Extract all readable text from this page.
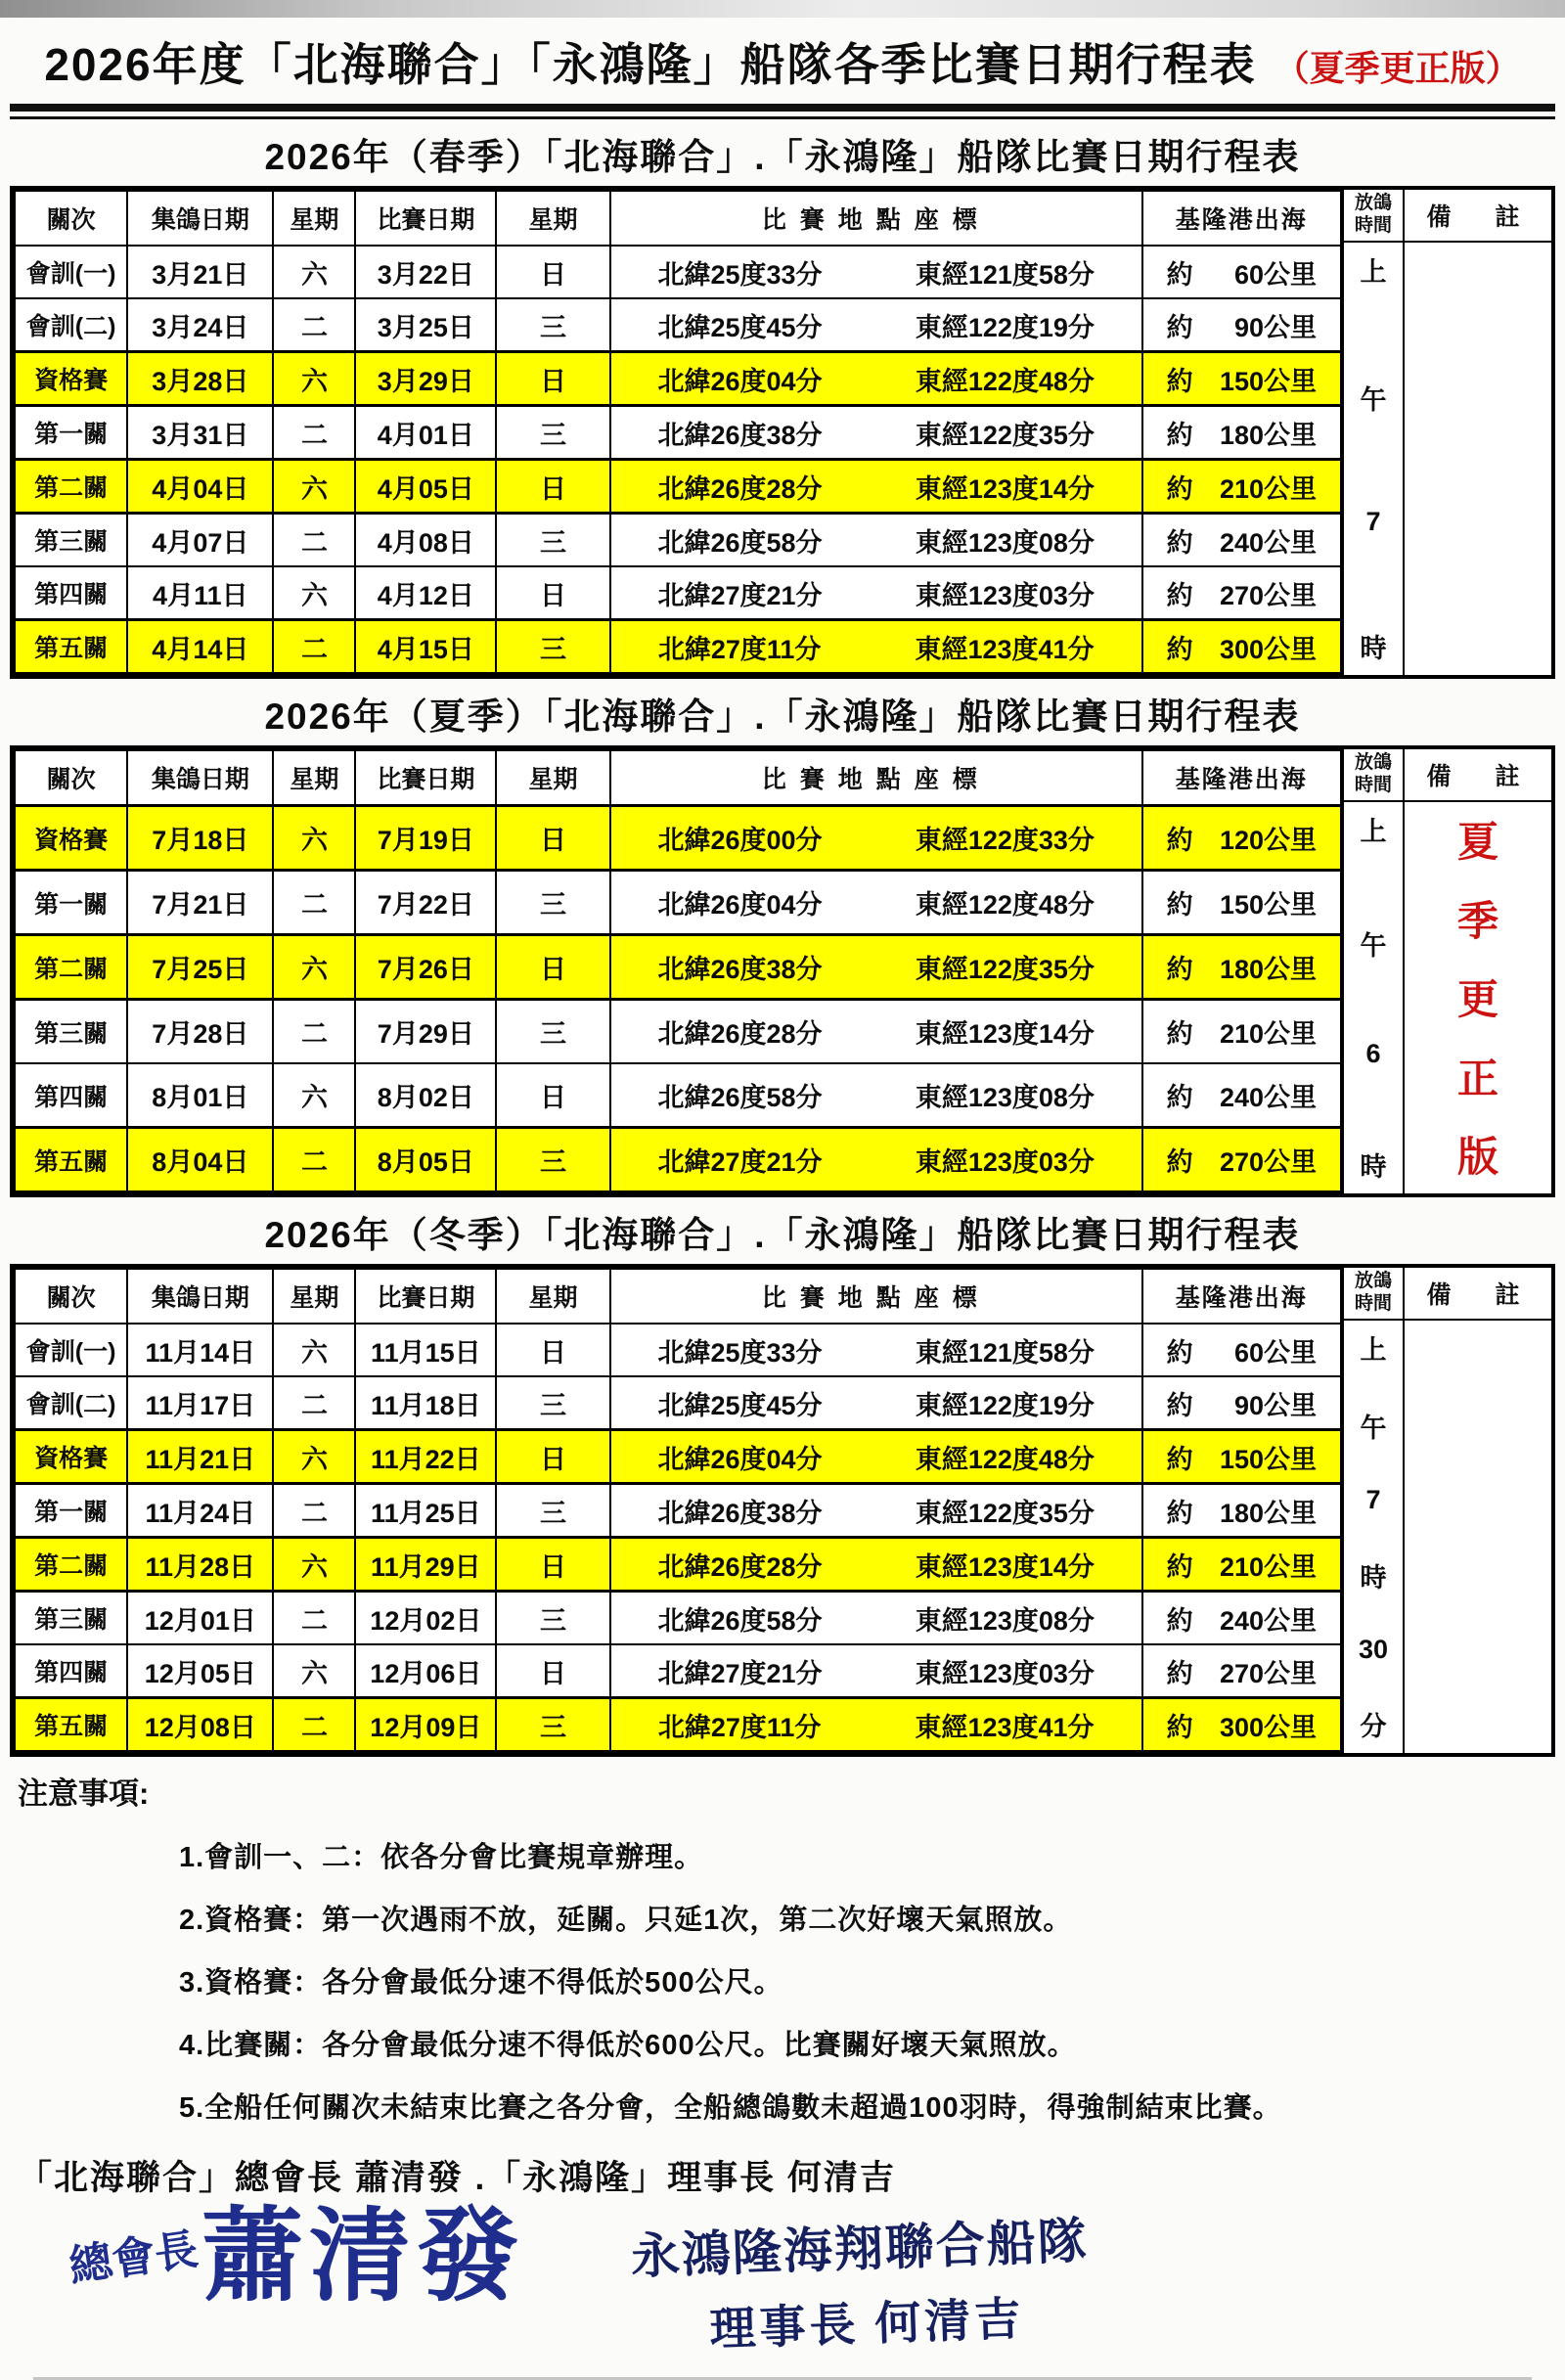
2026年度「北海聯合」「永鴻隆」船隊各季比賽日期行程表 （夏季更正版）
2026年（春季）「北海聯合」.「永鴻隆」船隊比賽日期行程表
關次	集鴿日期	星期	比賽日期	星期	比賽地點座標	基隆港出海
會訓(一)	3月21日	六	3月22日	日	北緯25度33分 東經121度58分	約 60公里

會訓(二)	3月24日	二	3月25日	三	北緯25度45分 東經122度19分	約 90公里

資格賽	3月28日	六	3月29日	日	北緯26度04分 東經122度48分	約 150公里

第一關	3月31日	二	4月01日	三	北緯26度38分 東經122度35分	約 180公里

第二關	4月04日	六	4月05日	日	北緯26度28分 東經123度14分	約 210公里

第三關	4月07日	二	4月08日	三	北緯26度58分 東經123度08分	約 240公里

第四關	4月11日	六	4月12日	日	北緯27度21分 東經123度03分	約 270公里

第五關	4月14日	二	4月15日	三	北緯27度11分 東經123度41分	約 300公里
放鴿
時間
上
午
7
時
備　註
2026年（夏季）「北海聯合」.「永鴻隆」船隊比賽日期行程表
關次	集鴿日期	星期	比賽日期	星期	比賽地點座標	基隆港出海
資格賽	7月18日	六	7月19日	日	北緯26度00分 東經122度33分	約 120公里

第一關	7月21日	二	7月22日	三	北緯26度04分 東經122度48分	約 150公里

第二關	7月25日	六	7月26日	日	北緯26度38分 東經122度35分	約 180公里

第三關	7月28日	二	7月29日	三	北緯26度28分 東經123度14分	約 210公里

第四關	8月01日	六	8月02日	日	北緯26度58分 東經123度08分	約 240公里

第五關	8月04日	二	8月05日	三	北緯27度21分 東經123度03分	約 270公里
放鴿
時間
上
午
6
時
備　註
夏
季
更
正
版
2026年（冬季）「北海聯合」.「永鴻隆」船隊比賽日期行程表
關次	集鴿日期	星期	比賽日期	星期	比賽地點座標	基隆港出海
會訓(一)	11月14日	六	11月15日	日	北緯25度33分 東經121度58分	約 60公里

會訓(二)	11月17日	二	11月18日	三	北緯25度45分 東經122度19分	約 90公里

資格賽	11月21日	六	11月22日	日	北緯26度04分 東經122度48分	約 150公里

第一關	11月24日	二	11月25日	三	北緯26度38分 東經122度35分	約 180公里

第二關	11月28日	六	11月29日	日	北緯26度28分 東經123度14分	約 210公里

第三關	12月01日	二	12月02日	三	北緯26度58分 東經123度08分	約 240公里

第四關	12月05日	六	12月06日	日	北緯27度21分 東經123度03分	約 270公里

第五關	12月08日	二	12月09日	三	北緯27度11分 東經123度41分	約 300公里
放鴿
時間
上
午
7
時
30
分
備　註
注意事項:
1.會訓一、二：依各分會比賽規章辦理。
2.資格賽：第一次遇雨不放，延關。只延1次，第二次好壞天氣照放。
3.資格賽：各分會最低分速不得低於500公尺。
4.比賽關：各分會最低分速不得低於600公尺。比賽關好壞天氣照放。
5.全船任何關次未結束比賽之各分會，全船總鴿數未超過100羽時，得強制結束比賽。
「北海聯合」總會長 蕭清發 .「永鴻隆」理事長 何清吉
總會長 蕭清發 永鴻隆海翔聯合船隊
理事長 何清吉
